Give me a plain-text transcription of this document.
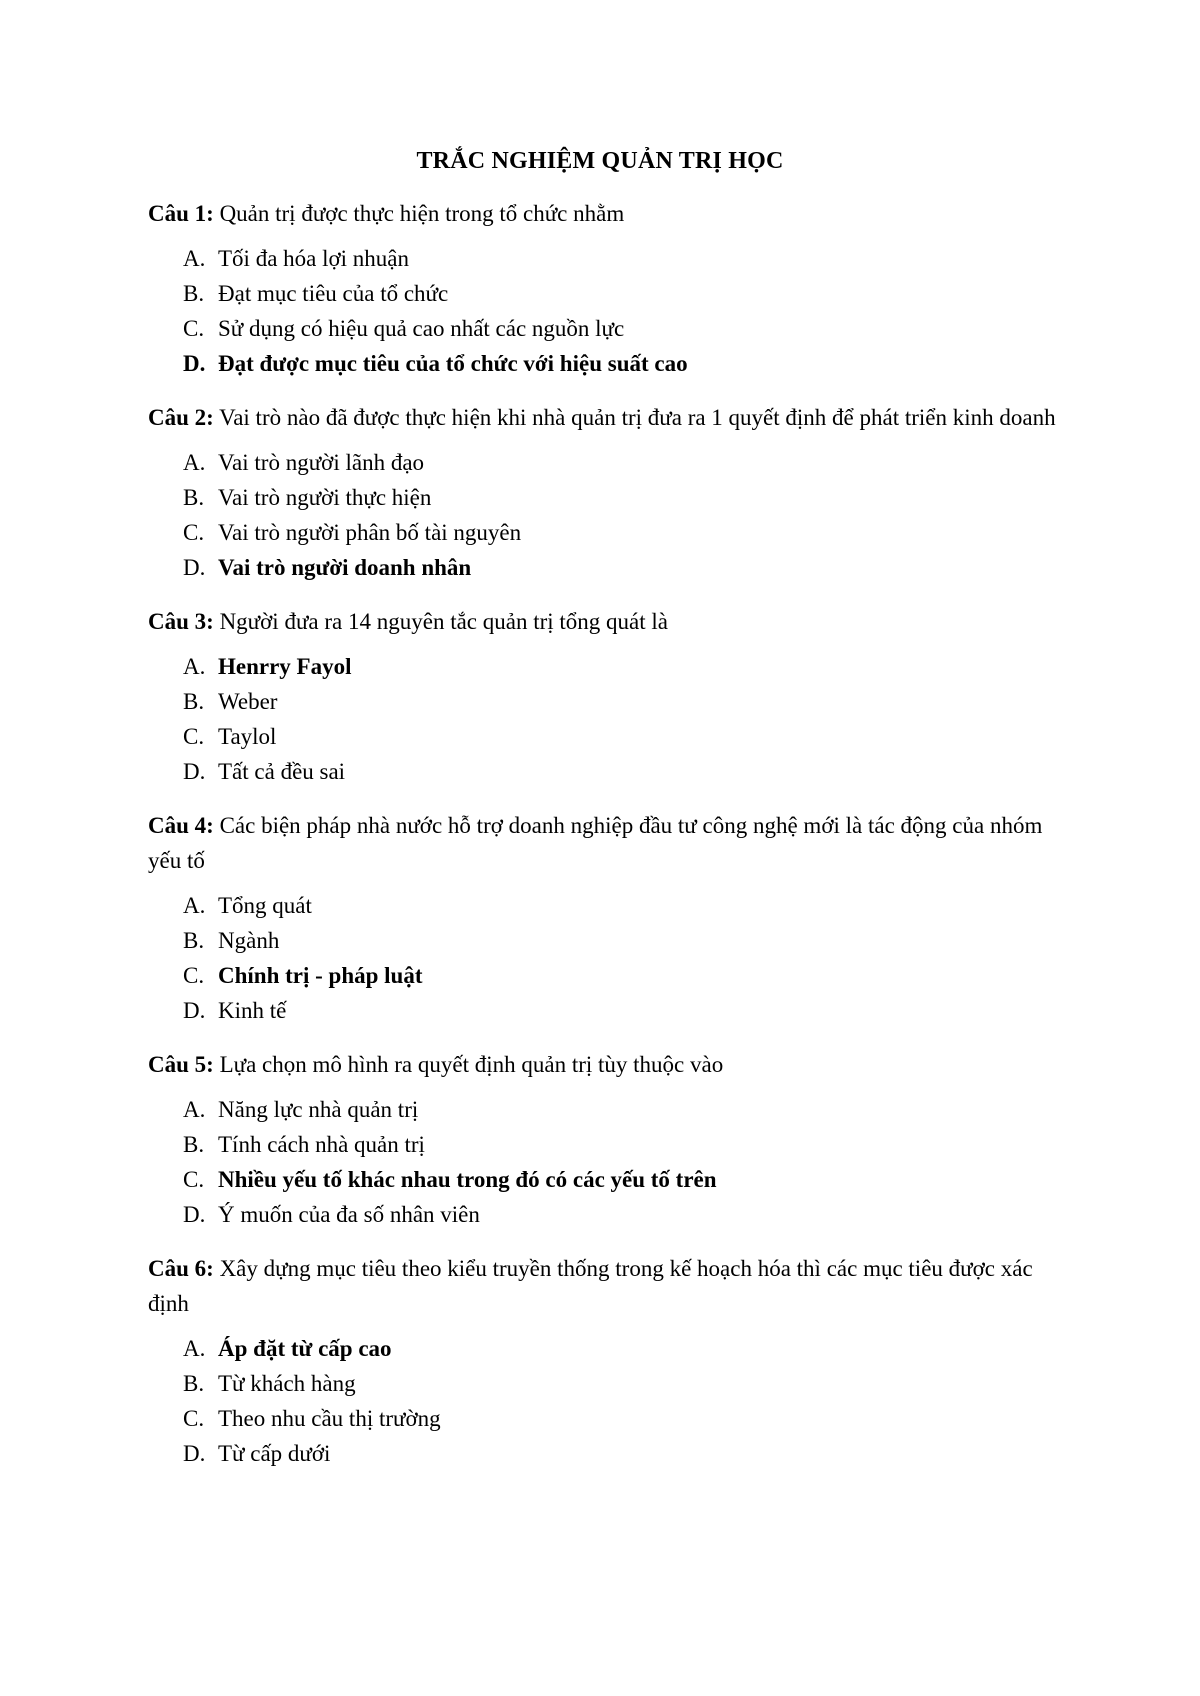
TRẮC NGHIỆM QUẢN TRỊ HỌC
Câu 1: Quản trị được thực hiện trong tổ chức nhằm
A. Tối đa hóa lợi nhuận
B. Đạt mục tiêu của tổ chức
C. Sử dụng có hiệu quả cao nhất các nguồn lực
D. Đạt được mục tiêu của tổ chức với hiệu suất cao
Câu 2: Vai trò nào đã được thực hiện khi nhà quản trị đưa ra 1 quyết định để phát triển kinh doanh
A. Vai trò người lãnh đạo
B. Vai trò người thực hiện
C. Vai trò người phân bố tài nguyên
D. Vai trò người doanh nhân
Câu 3: Người đưa ra 14 nguyên tắc quản trị tổng quát là
A. Henrry Fayol
B. Weber
C. Taylol
D. Tất cả đều sai
Câu 4: Các biện pháp nhà nước hỗ trợ doanh nghiệp đầu tư công nghệ mới là tác động của nhóm yếu tố
A. Tổng quát
B. Ngành
C. Chính trị - pháp luật
D. Kinh tế
Câu 5: Lựa chọn mô hình ra quyết định quản trị tùy thuộc vào
A. Năng lực nhà quản trị
B. Tính cách nhà quản trị
C. Nhiều yếu tố khác nhau trong đó có các yếu tố trên
D. Ý muốn của đa số nhân viên
Câu 6: Xây dựng mục tiêu theo kiểu truyền thống trong kế hoạch hóa thì các mục tiêu được xác định
A. Áp đặt từ cấp cao
B. Từ khách hàng
C. Theo nhu cầu thị trường
D. Từ cấp dưới
